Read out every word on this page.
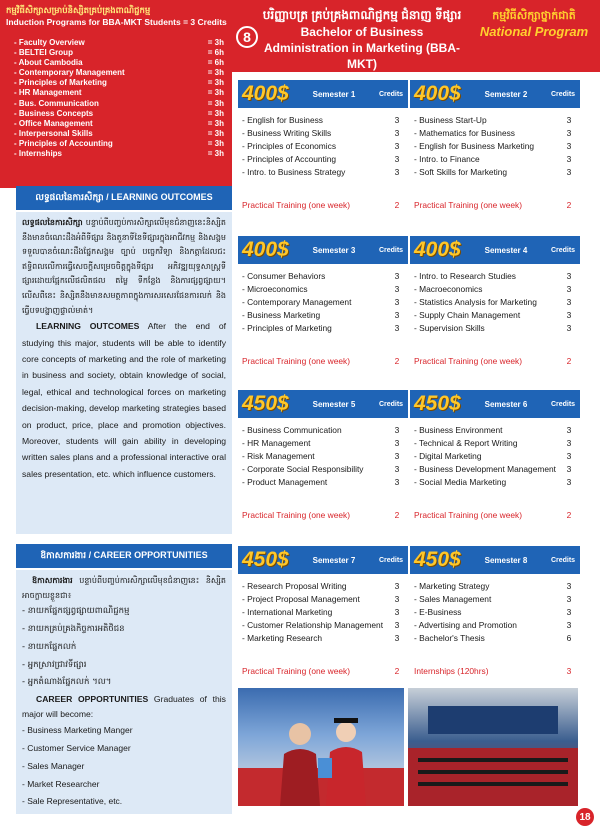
កម្មវិធីសិក្សាសម្រាប់និស្សិតគ្រប់គ្រងពាណិជ្ជកម្ម
Induction Programs for BBA-MKT Students = 3 Credits
8
បរិញ្ញាបត្រ គ្រប់គ្រងពាណិជ្ជកម្ម ជំនាញ ទីផ្សារ
Bachelor of Business Administration in Marketing (BBA-MKT)
កម្មវិធីសិក្សាថ្នាក់ជាតិ
National Program
- Faculty Overview	= 3h
- BELTEI Group	= 6h
- About Cambodia	= 6h
- Contemporary Management	= 3h
- Principles of Marketing	= 3h
- HR Management	= 3h
- Bus. Communication	= 3h
- Business Concepts	= 3h
- Office Management	= 3h
- Interpersonal Skills	= 3h
- Principles of Accounting	= 3h
- Internships	= 3h
លទ្ធផលនៃការសិក្សា / LEARNING OUTCOMES
លទ្ធផលនៃការសិក្សា បន្ទាប់ពីបញ្ចប់ការសិក្សាលើមុខជំនាញនេះនិស្សិតនឹងមានចំណេះដឹងអំពីទីផ្សារ និងតួនាទីនៃទីផ្សារក្នុងអាជីវកម្ម និងសង្គម ទទួលបានចំណេះដឹងផ្នែកសង្គម ច្បាប់ បច្ចេកវិទ្យា និងកត្តាដែលជះឥទ្ធិពលលើការធ្វើសេចក្តីសម្រេចចិត្តក្នុងទីផ្សារ អភិវឌ្ឍយុទ្ធសាស្ត្រទីផ្សារដោយផ្អែកលើផលិតផល តម្លៃ ទីកន្លែង និងការផ្សព្វផ្សាយ។ លើសពីនេះ និស្សិតនឹងមានសមត្ថភាពក្នុងការសរសេរផែនការលក់ និងធ្វើបទបង្ហាញផ្ទាល់មាត់។
LEARNING OUTCOMES After the end of studying this major, students will be able to identify core concepts of marketing and the role of marketing in business and society, obtain knowledge of social, legal, ethical and technological forces on marketing decision-making, develop marketing strategies based on product, price, place and promotion objectives. Moreover, students will gain ability in developing written sales plans and a professional interactive oral sales presentation, etc. which influence customers.
ឱកាសការងារ / CAREER OPPORTUNITIES
ឱកាសការងារ បន្ទាប់ពីបញ្ចប់ការសិក្សាលើមុខជំនាញនេះ និស្សិតអាចក្លាយខ្លួនជា៖
- នាយកផ្នែកផ្សព្វផ្សាយពាណិជ្ជកម្ម
- នាយកគ្រប់គ្រងកិច្ចការអតិថិជន
- នាយកផ្នែកលក់
- អ្នកស្រាវជ្រាវទីផ្សារ
- អ្នកតំណាងផ្នែកលក់ ។ល។
CAREER OPPORTUNITIES Graduates of this major will become:
- Business Marketing Manger
- Customer Service Manager
- Sales Manager
- Market Researcher
- Sale Representative, etc.
400$	Semester 1	Credits
- English for Business	3
- Business Writing Skills	3
- Principles of Economics	3
- Principles of Accounting	3
- Intro. to Business Strategy	3
Practical Training (one week)	2
400$	Semester 2	Credits
- Business Start-Up	3
- Mathematics for Business	3
- English for Business Marketing	3
- Intro. to Finance	3
- Soft Skills for Marketing	3
Practical Training (one week)	2
400$	Semester 3	Credits
- Consumer Behaviors	3
- Microeconomics	3
- Contemporary Management	3
- Business Marketing	3
- Principles of Marketing	3
Practical Training (one week)	2
400$	Semester 4	Credits
- Intro. to Research Studies	3
- Macroeconomics	3
- Statistics Analysis for Marketing	3
- Supply Chain Management	3
- Supervision Skills	3
Practical Training (one week)	2
450$	Semester 5	Credits
- Business Communication	3
- HR Management	3
- Risk Management	3
- Corporate Social Responsibility	3
- Product Management	3
Practical Training (one week)	2
450$	Semester 6	Credits
- Business Environment	3
- Technical & Report Writing	3
- Digital Marketing	3
- Business Development Management	3
- Social Media Marketing	3
Practical Training (one week)	2
450$	Semester 7	Credits
- Research Proposal Writing	3
- Project Proposal Management	3
- International Marketing	3
- Customer Relationship Management	3
- Marketing Research	3
Practical Training (one week)	2
450$	Semester 8	Credits
- Marketing Strategy	3
- Sales Management	3
- E-Business	3
- Advertising and Promotion	3
- Bachelor's Thesis	6
Internships (120hrs)	3
18
